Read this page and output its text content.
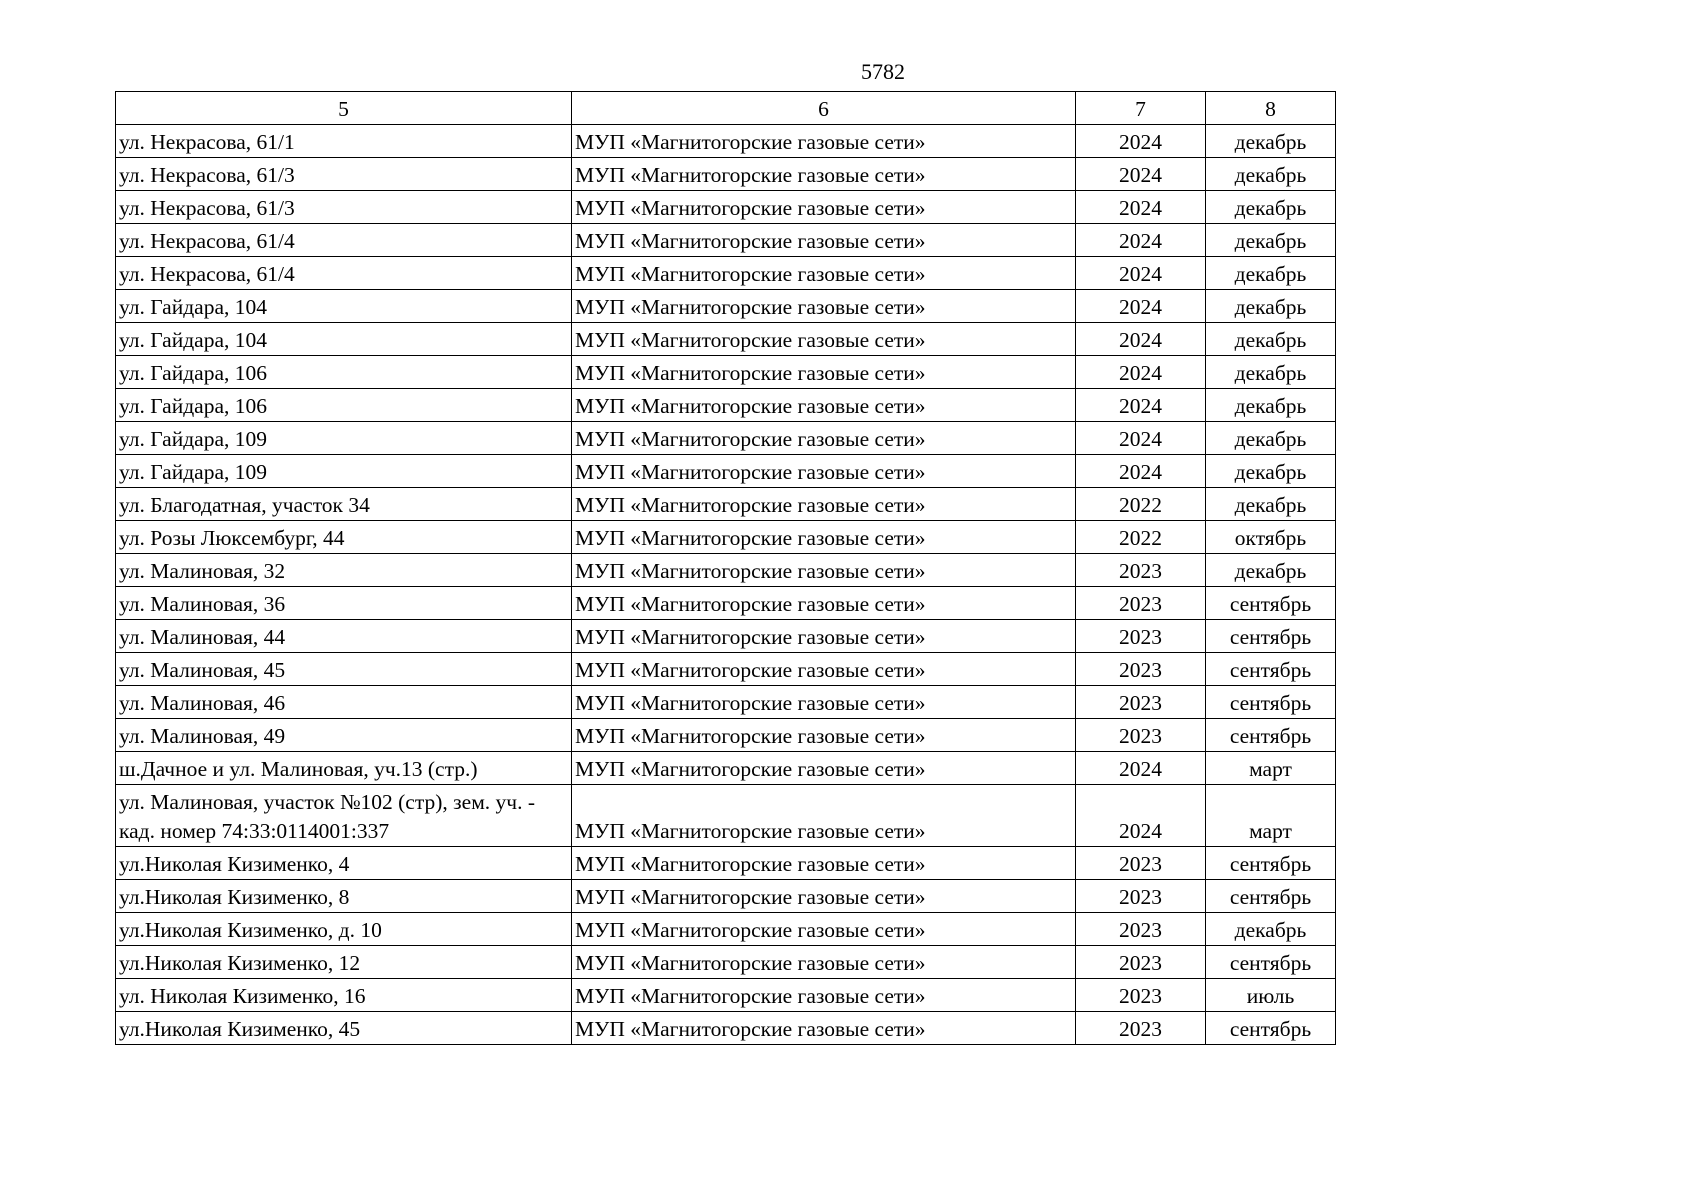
5782
5	6	7	8
ул. Некрасова, 61/1	МУП «Магнитогорские газовые сети»	2024	декабрь
ул. Некрасова, 61/3	МУП «Магнитогорские газовые сети»	2024	декабрь
ул. Некрасова, 61/3	МУП «Магнитогорские газовые сети»	2024	декабрь
ул. Некрасова, 61/4	МУП «Магнитогорские газовые сети»	2024	декабрь
ул. Некрасова, 61/4	МУП «Магнитогорские газовые сети»	2024	декабрь
ул. Гайдара, 104	МУП «Магнитогорские газовые сети»	2024	декабрь
ул. Гайдара, 104	МУП «Магнитогорские газовые сети»	2024	декабрь
ул. Гайдара, 106	МУП «Магнитогорские газовые сети»	2024	декабрь
ул. Гайдара, 106	МУП «Магнитогорские газовые сети»	2024	декабрь
ул. Гайдара, 109	МУП «Магнитогорские газовые сети»	2024	декабрь
ул. Гайдара, 109	МУП «Магнитогорские газовые сети»	2024	декабрь
ул. Благодатная, участок 34	МУП «Магнитогорские газовые сети»	2022	декабрь
ул. Розы Люксембург, 44	МУП «Магнитогорские газовые сети»	2022	октябрь
ул. Малиновая, 32	МУП «Магнитогорские газовые сети»	2023	декабрь
ул. Малиновая, 36	МУП «Магнитогорские газовые сети»	2023	сентябрь
ул. Малиновая, 44	МУП «Магнитогорские газовые сети»	2023	сентябрь
ул. Малиновая, 45	МУП «Магнитогорские газовые сети»	2023	сентябрь
ул. Малиновая, 46	МУП «Магнитогорские газовые сети»	2023	сентябрь
ул. Малиновая, 49	МУП «Магнитогорские газовые сети»	2023	сентябрь
ш.Дачное и ул. Малиновая, уч.13 (стр.)	МУП «Магнитогорские газовые сети»	2024	март
ул. Малиновая, участок №102 (стр), зем. уч. - кад. номер 74:33:0114001:337	МУП «Магнитогорские газовые сети»	2024	март
ул.Николая Кизименко, 4	МУП «Магнитогорские газовые сети»	2023	сентябрь
ул.Николая Кизименко, 8	МУП «Магнитогорские газовые сети»	2023	сентябрь
ул.Николая Кизименко, д. 10	МУП «Магнитогорские газовые сети»	2023	декабрь
ул.Николая Кизименко, 12	МУП «Магнитогорские газовые сети»	2023	сентябрь
ул. Николая Кизименко, 16	МУП «Магнитогорские газовые сети»	2023	июль
ул.Николая Кизименко, 45	МУП «Магнитогорские газовые сети»	2023	сентябрь
